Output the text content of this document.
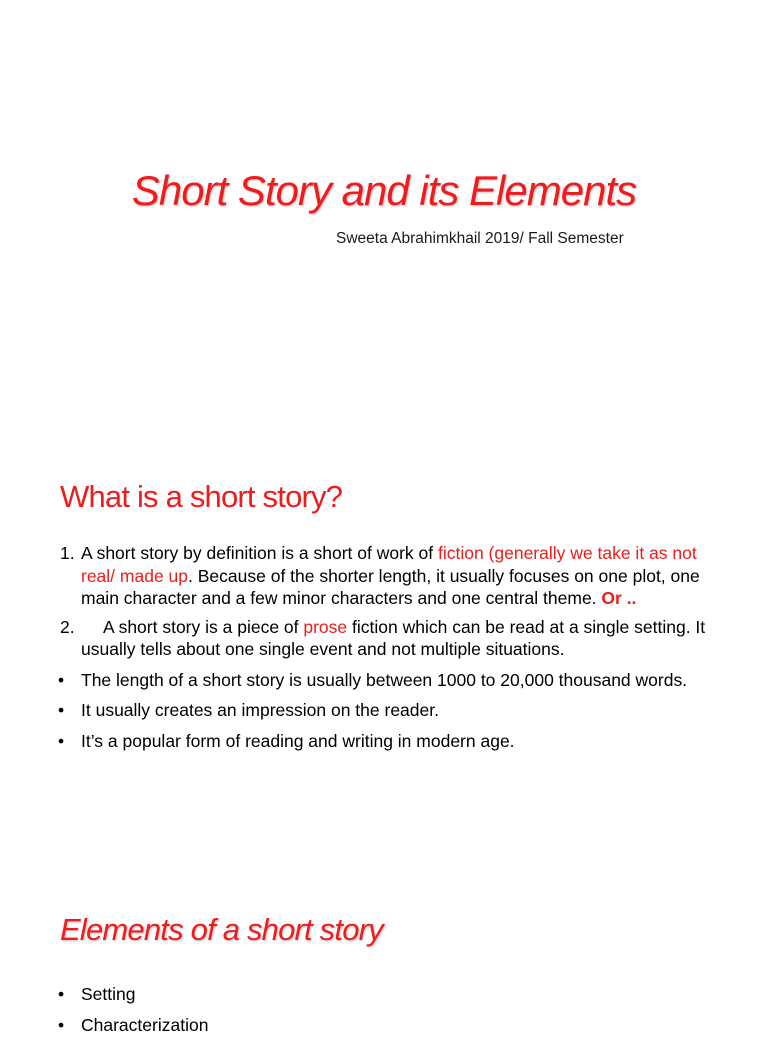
Short Story and its Elements
Sweeta Abrahimkhail 2019/ Fall Semester
What is a short story?
1. A short story by definition is a short of work of fiction (generally we take it as not real/ made up. Because of the shorter length, it usually focuses on one plot, one main character and a few minor characters and one central theme. Or ..
2. A short story is a piece of prose fiction which can be read at a single setting. It usually tells about one single event and not multiple situations.
• The length of a short story is usually between 1000 to 20,000 thousand words.
• It usually creates an impression on the reader.
• It’s a popular form of reading and writing in modern age.
Elements of a short story
• Setting
• Characterization
